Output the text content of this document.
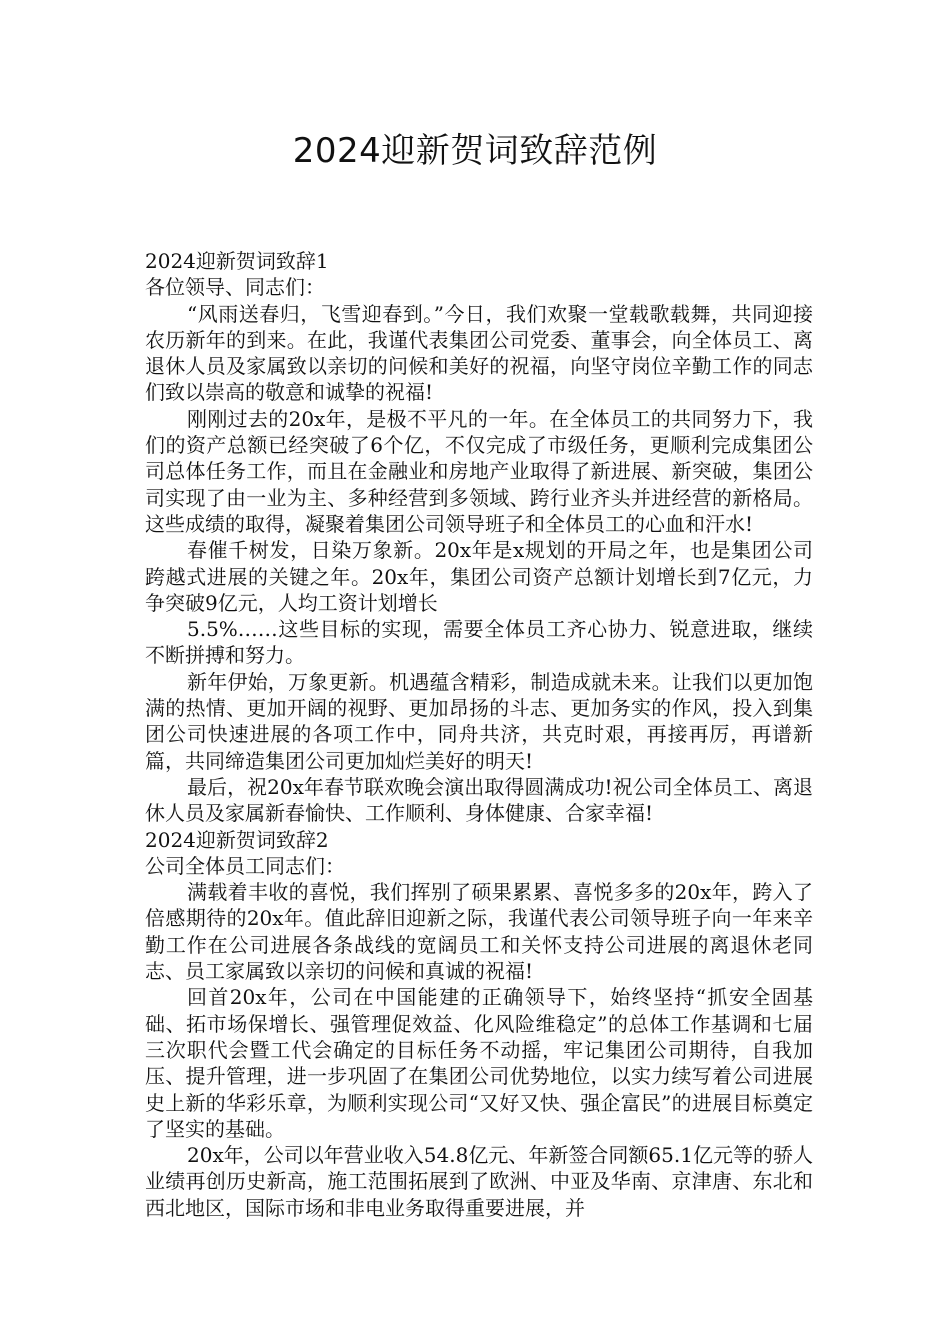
2024迎新贺词致辞范例

2024迎新贺词致辞1

各位领导、同志们：

“风雨送春归，飞雪迎春到。”今日，我们欢聚一堂载歌载舞，共同迎接农历新年的到来。在此，我谨代表集团公司党委、董事会，向全体员工、离退休人员及家属致以亲切的问候和美好的祝福，向坚守岗位辛勤工作的同志们致以崇高的敬意和诚挚的祝福!

刚刚过去的20x年，是极不平凡的一年。在全体员工的共同努力下，我们的资产总额已经突破了6个亿，不仅完成了市级任务，更顺利完成集团公司总体任务工作，而且在金融业和房地产业取得了新进展、新突破，集团公司实现了由一业为主、多种经营到多领域、跨行业齐头并进经营的新格局。这些成绩的取得，凝聚着集团公司领导班子和全体员工的心血和汗水!

春催千树发，日染万象新。20x年是x规划的开局之年，也是集团公司跨越式进展的关键之年。20x年，集团公司资产总额计划增长到7亿元，力争突破9亿元，人均工资计划增长

5.5%……这些目标的实现，需要全体员工齐心协力、锐意进取，继续不断拼搏和努力。

新年伊始，万象更新。机遇蕴含精彩，制造成就未来。让我们以更加饱满的热情、更加开阔的视野、更加昂扬的斗志、更加务实的作风，投入到集团公司快速进展的各项工作中，同舟共济，共克时艰，再接再厉，再谱新篇，共同缔造集团公司更加灿烂美好的明天!

最后，祝20x年春节联欢晚会演出取得圆满成功!祝公司全体员工、离退休人员及家属新春愉快、工作顺利、身体健康、合家幸福!

2024迎新贺词致辞2

公司全体员工同志们：

满载着丰收的喜悦，我们挥别了硕果累累、喜悦多多的20x年，跨入了倍感期待的20x年。值此辞旧迎新之际，我谨代表公司领导班子向一年来辛勤工作在公司进展各条战线的宽阔员工和关怀支持公司进展的离退休老同志、员工家属致以亲切的问候和真诚的祝福!

回首20x年，公司在中国能建的正确领导下，始终坚持“抓安全固基础、拓市场保增长、强管理促效益、化风险维稳定”的总体工作基调和七届三次职代会暨工代会确定的目标任务不动摇，牢记集团公司期待，自我加压、提升管理，进一步巩固了在集团公司优势地位，以实力续写着公司进展史上新的华彩乐章，为顺利实现公司“又好又快、强企富民”的进展目标奠定了坚实的基础。

20x年，公司以年营业收入54.8亿元、年新签合同额65.1亿元等的骄人业绩再创历史新高，施工范围拓展到了欧洲、中亚及华南、京津唐、东北和西北地区，国际市场和非电业务取得重要进展，并
